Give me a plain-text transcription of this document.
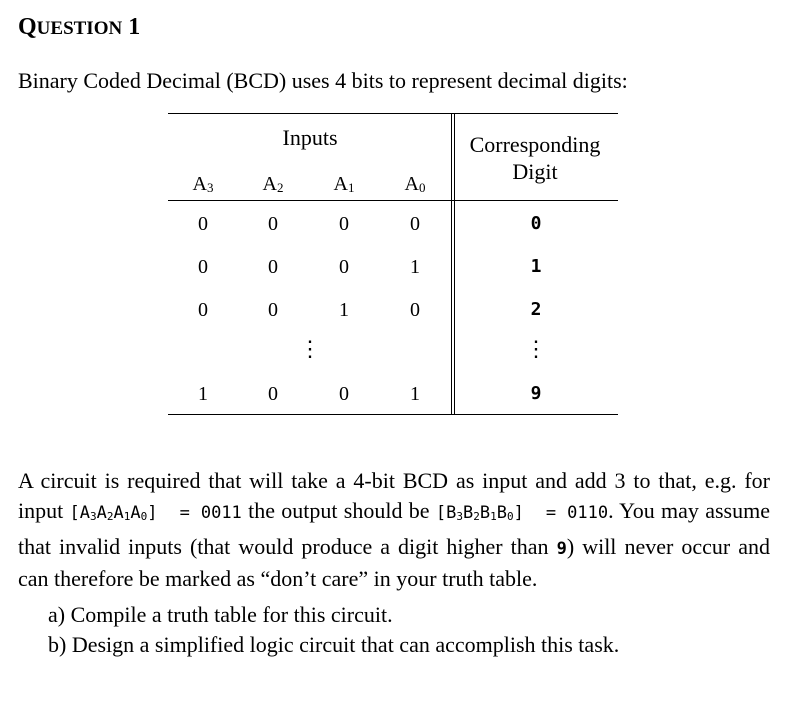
QUESTION 1
Binary Coded Decimal (BCD) uses 4 bits to represent decimal digits:
Inputs	Corresponding
Digit
A3	A2	A1	A0
0	0	0	0	0
0	0	0	1	1
0	0	1	0	2
⋮	⋮
1	0	0	1	9
A circuit is required that will take a 4-bit BCD as input and add 3 to that, e.g. for input [A3A2A1A0]  = 0011 the output should be [B3B2B1B0]  = 0110. You may assume that invalid inputs (that would produce a digit higher than 9) will never occur and can therefore be marked as “don’t care” in your truth table.
a) Compile a truth table for this circuit.
b) Design a simplified logic circuit that can accomplish this task.
